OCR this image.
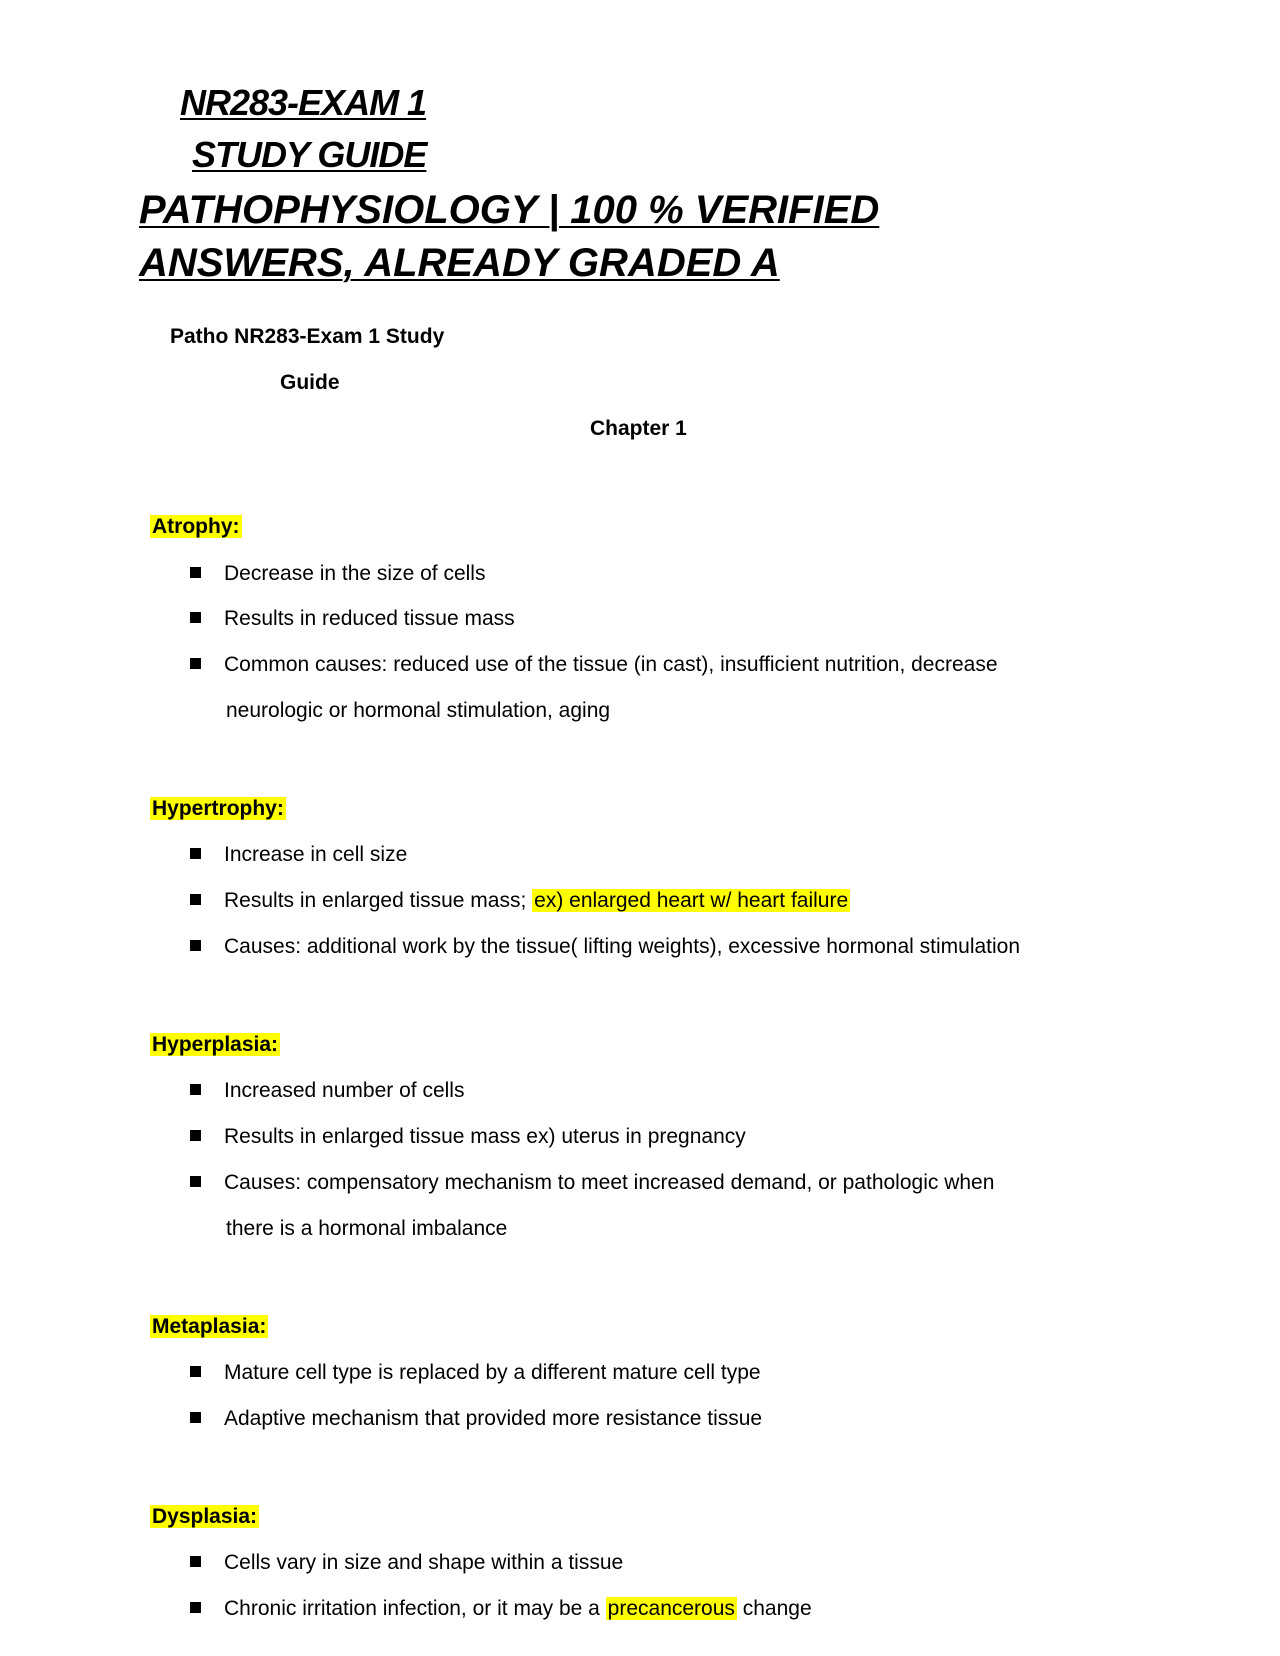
NR283-EXAM 1
STUDY GUIDE
PATHOPHYSIOLOGY | 100 % VERIFIED
ANSWERS, ALREADY GRADED A
Patho NR283-Exam 1 Study
Guide
Chapter 1
Atrophy:
Decrease in the size of cells
Results in reduced tissue mass
Common causes: reduced use of the tissue (in cast), insufficient nutrition, decrease
neurologic or hormonal stimulation, aging
Hypertrophy:
Increase in cell size
Results in enlarged tissue mass; ex) enlarged heart w/ heart failure
Causes: additional work by the tissue( lifting weights), excessive hormonal stimulation
Hyperplasia:
Increased number of cells
Results in enlarged tissue mass ex) uterus in pregnancy
Causes: compensatory mechanism to meet increased demand, or pathologic when
there is a hormonal imbalance
Metaplasia:
Mature cell type is replaced by a different mature cell type
Adaptive mechanism that provided more resistance tissue
Dysplasia:
Cells vary in size and shape within a tissue
Chronic irritation infection, or it may be a precancerous change
